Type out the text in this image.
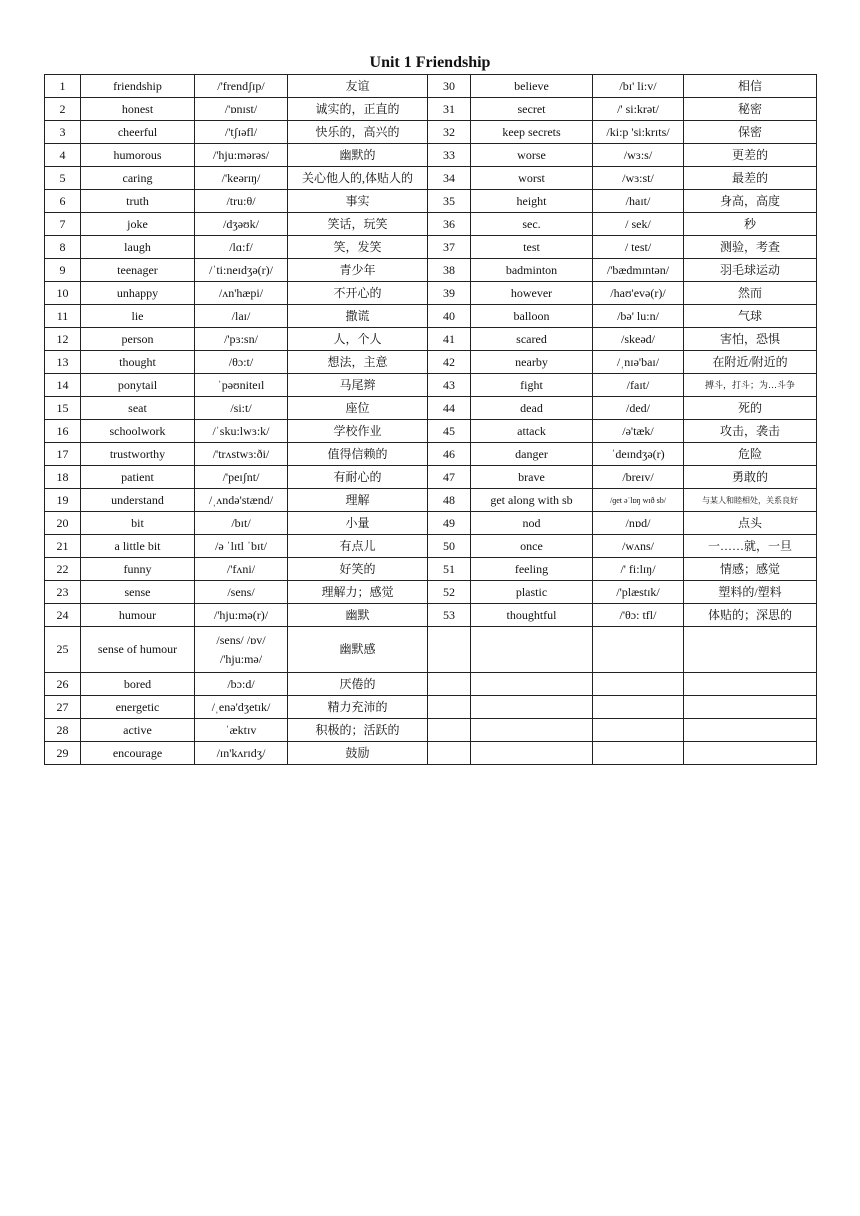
Unit 1 Friendship
1	friendship	/'frendʃɪp/	友谊	30	believe	/bɪ' li:v/	相信
2	honest	/'ɒnɪst/	诚实的，正直的	31	secret	/' si:krət/	秘密
3	cheerful	/'tʃɪəfl/	快乐的，高兴的	32	keep secrets	/ki:p 'si:krɪts/	保密
4	humorous	/'hju:mərəs/	幽默的	33	worse	/wɜ:s/	更差的
5	caring	/'keərɪŋ/	关心他人的,体贴人的	34	worst	/wɜ:st/	最差的
6	truth	/tru:θ/	事实	35	height	/haɪt/	身高，高度
7	joke	/dʒəʊk/	笑话，玩笑	36	sec.	/ sek/	秒
8	laugh	/lɑ:f/	笑，发笑	37	test	/ test/	测验，考查
9	teenager	/ˈti:neɪdʒə(r)/	青少年	38	badminton	/'bædmɪntən/	羽毛球运动
10	unhappy	/ʌn'hæpi/	不开心的	39	however	/haʊ'evə(r)/	然而
11	lie	/laɪ/	撒谎	40	balloon	/bə' lu:n/	气球
12	person	/'pɜ:sn/	人，个人	41	scared	/skeəd/	害怕，恐惧
13	thought	/θɔ:t/	想法，主意	42	nearby	/ˌnɪə'baɪ/	在附近/附近的
14	ponytail	ˈpəʊniteɪl	马尾辫	43	fight	/faɪt/	搏斗，打斗；为…斗争
15	seat	/si:t/	座位	44	dead	/ded/	死的
16	schoolwork	/ˈsku:lwɜ:k/	学校作业	45	attack	/ə'tæk/	攻击，袭击
17	trustworthy	/'trʌstwɜ:ði/	值得信赖的	46	danger	ˈdeɪndʒə(r)	危险
18	patient	/'peɪʃnt/	有耐心的	47	brave	/breɪv/	勇敢的
19	understand	/ˌʌndə'stænd/	理解	48	get along with sb	/ɡet əˈlɒŋ wɪð sb/	与某人和睦相处，关系良好
20	bit	/bɪt/	小量	49	nod	/nɒd/	点头
21	a little bit	/ə ˈlɪtl ˈbɪt/	有点儿	50	once	/wʌns/	一……就，一旦
22	funny	/'fʌni/	好笑的	51	feeling	/' fi:lɪŋ/	情感；感觉
23	sense	/sens/	理解力；感觉	52	plastic	/'plæstɪk/	塑料的/塑料
24	humour	/'hju:mə(r)/	幽默	53	thoughtful	/'θɔ: tfl/	体贴的；深思的
25	sense of humour	/sens/ /ɒv/ /'hju:mə/	幽默感				
26	bored	/bɔ:d/	厌倦的				
27	energetic	/ˌenə'dʒetɪk/	精力充沛的				
28	active	ˈæktɪv	积极的；活跃的				
29	encourage	/ɪn'kʌrɪdʒ/	鼓励				
